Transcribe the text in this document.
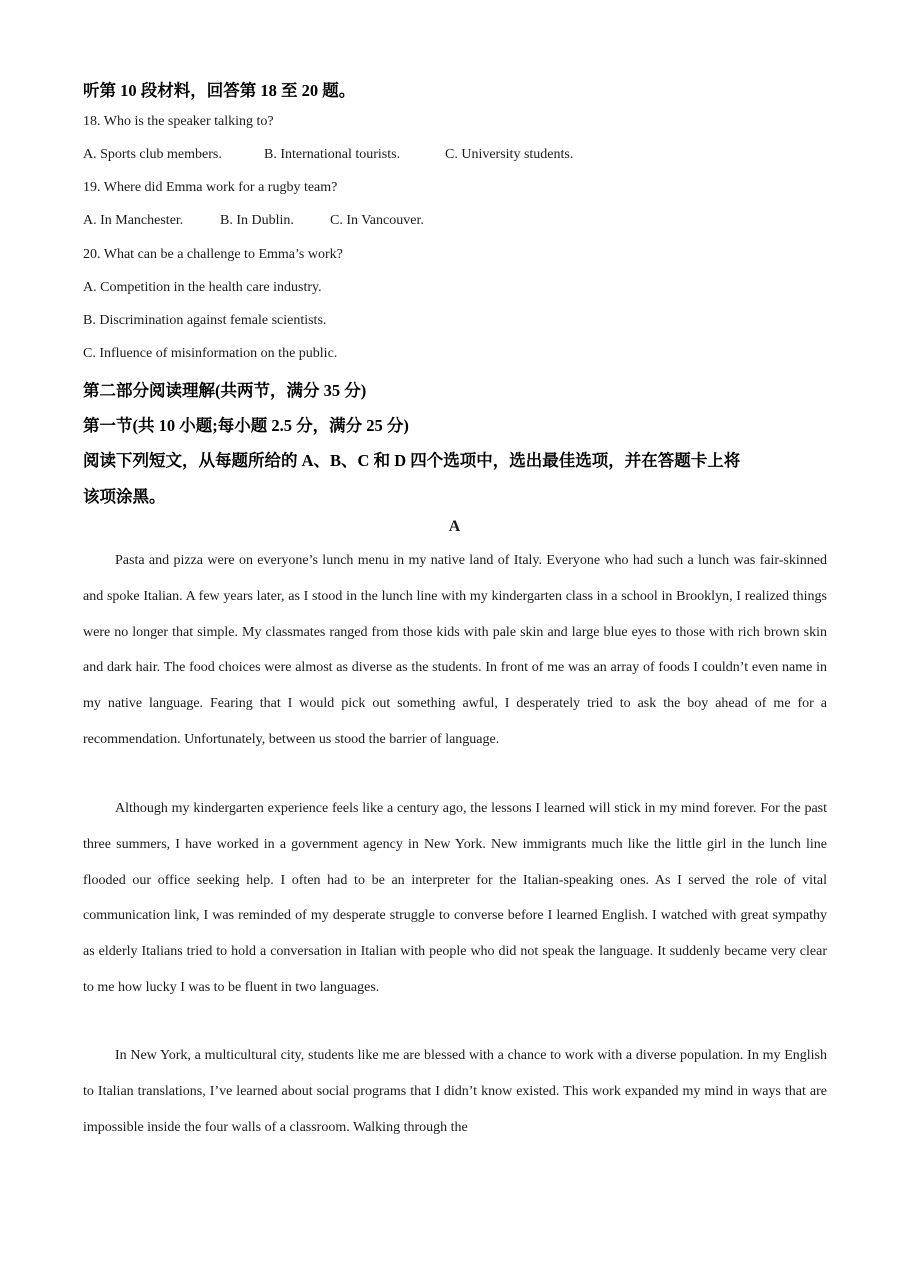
听第 10 段材料，回答第 18 至 20 题。
18. Who is the speaker talking to?
A. Sports club members.	B. International tourists.	C. University students.
19. Where did Emma work for a rugby team?
A. In Manchester.	B. In Dublin.	C. In Vancouver.
20. What can be a challenge to Emma’s work?
A. Competition in the health care industry.
B. Discrimination against female scientists.
C. Influence of misinformation on the public.
第二部分阅读理解(共两节，满分 35 分)
第一节(共 10 小题;每小题 2.5 分，满分 25 分)
阅读下列短文，从每题所给的 A、B、C 和 D 四个选项中，选出最佳选项，并在答题卡上将
该项涂黑。
A

Pasta and pizza were on everyone’s lunch menu in my native land of Italy. Everyone who had such a lunch was fair-skinned and spoke Italian. A few years later, as I stood in the lunch line with my kindergarten class in a school in Brooklyn, I realized things were no longer that simple. My classmates ranged from those kids with pale skin and large blue eyes to those with rich brown skin and dark hair. The food choices were almost as diverse as the students. In front of me was an array of foods I couldn’t even name in my native language. Fearing that I would pick out something awful, I desperately tried to ask the boy ahead of me for a recommendation. Unfortunately, between us stood the barrier of language.

Although my kindergarten experience feels like a century ago, the lessons I learned will stick in my mind forever. For the past three summers, I have worked in a government agency in New York. New immigrants much like the little girl in the lunch line flooded our office seeking help. I often had to be an interpreter for the Italian-speaking ones. As I served the role of vital communication link, I was reminded of my desperate struggle to converse before I learned English. I watched with great sympathy as elderly Italians tried to hold a conversation in Italian with people who did not speak the language. It suddenly became very clear to me how lucky I was to be fluent in two languages.

In New York, a multicultural city, students like me are blessed with a chance to work with a diverse population. In my English to Italian translations, I’ve learned about social programs that I didn’t know existed. This work expanded my mind in ways that are impossible inside the four walls of a classroom. Walking through the
